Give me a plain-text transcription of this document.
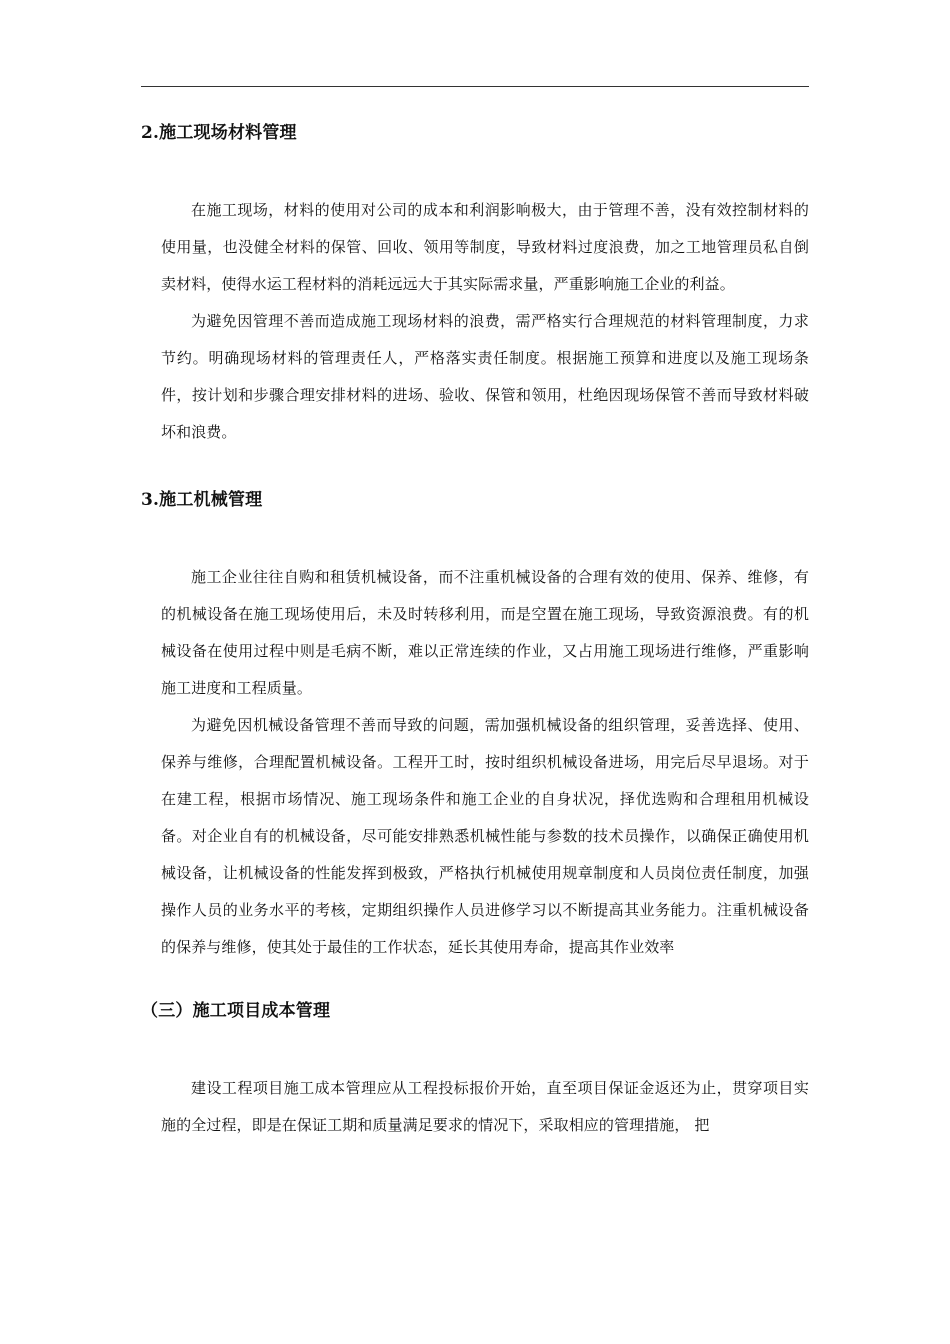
2.施工现场材料管理

在施工现场，材料的使用对公司的成本和利润影响极大，由于管理不善，没有效控制材料的使用量，也没健全材料的保管、回收、领用等制度，导致材料过度浪费，加之工地管理员私自倒卖材料，使得水运工程材料的消耗远远大于其实际需求量，严重影响施工企业的利益。

为避免因管理不善而造成施工现场材料的浪费，需严格实行合理规范的材料管理制度，力求节约。明确现场材料的管理责任人，严格落实责任制度。根据施工预算和进度以及施工现场条件，按计划和步骤合理安排材料的进场、验收、保管和领用，杜绝因现场保管不善而导致材料破坏和浪费。

3.施工机械管理

施工企业往往自购和租赁机械设备，而不注重机械设备的合理有效的使用、保养、维修，有的机械设备在施工现场使用后，未及时转移利用，而是空置在施工现场，导致资源浪费。有的机械设备在使用过程中则是毛病不断，难以正常连续的作业，又占用施工现场进行维修，严重影响施工进度和工程质量。

为避免因机械设备管理不善而导致的问题，需加强机械设备的组织管理，妥善选择、使用、保养与维修，合理配置机械设备。工程开工时，按时组织机械设备进场，用完后尽早退场。对于在建工程，根据市场情况、施工现场条件和施工企业的自身状况，择优选购和合理租用机械设备。对企业自有的机械设备，尽可能安排熟悉机械性能与参数的技术员操作，以确保正确使用机械设备，让机械设备的性能发挥到极致，严格执行机械使用规章制度和人员岗位责任制度，加强操作人员的业务水平的考核，定期组织操作人员进修学习以不断提高其业务能力。注重机械设备的保养与维修，使其处于最佳的工作状态，延长其使用寿命，提高其作业效率

（三）施工项目成本管理

建设工程项目施工成本管理应从工程投标报价开始，直至项目保证金返还为止，贯穿项目实施的全过程，即是在保证工期和质量满足要求的情况下，采取相应的管理措施， 把
